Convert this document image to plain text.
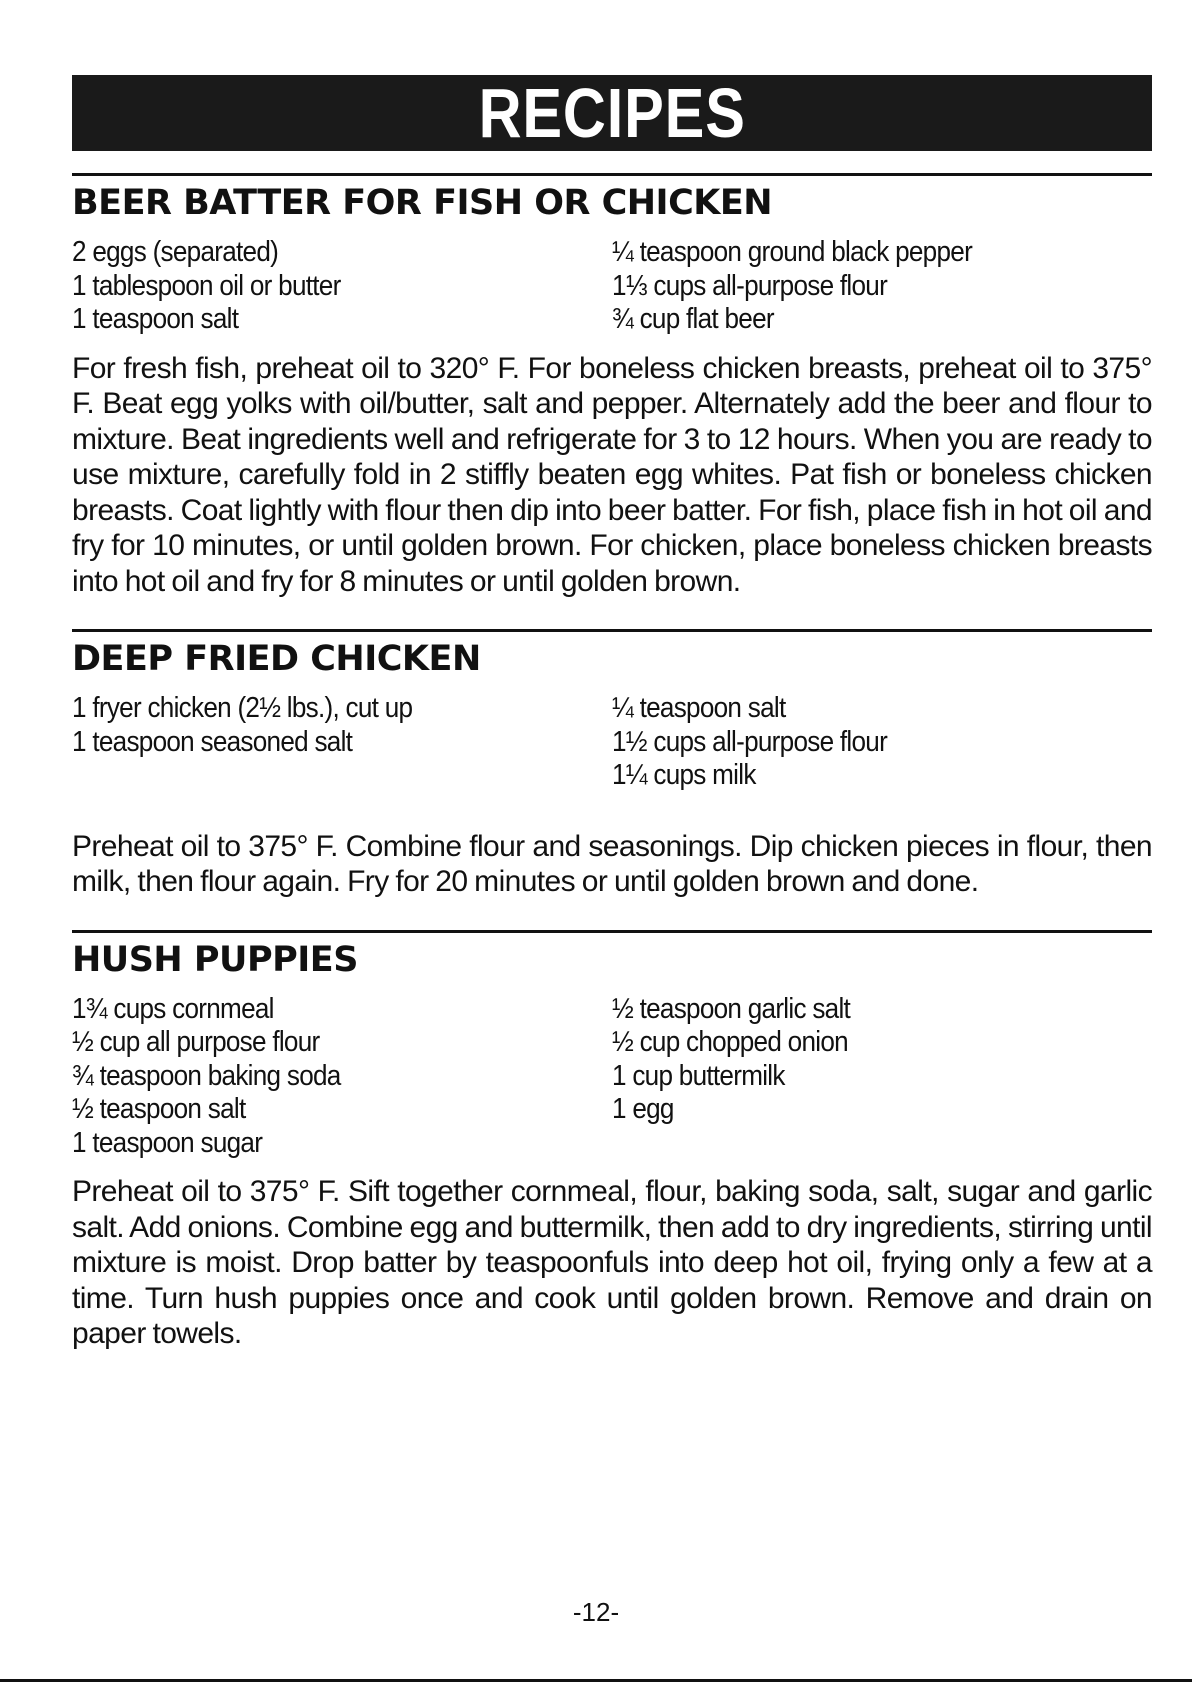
RECIPES
BEER BATTER FOR FISH OR CHICKEN
2 eggs (separated)
1 tablespoon oil or butter
1 teaspoon salt
¼ teaspoon ground black pepper
1⅓ cups all-purpose flour
¾ cup flat beer

For fresh fish, preheat oil to 320° F. For boneless chicken breasts, preheat oil to 375° F. Beat egg yolks with oil/butter, salt and pepper. Alternately add the beer and flour to mixture. Beat ingredients well and refrigerate for 3 to 12 hours. When you are ready to use mixture, carefully fold in 2 stiffly beaten egg whites. Pat fish or boneless chicken breasts. Coat lightly with flour then dip into beer batter. For fish, place fish in hot oil and fry for 10 minutes, or until golden brown. For chicken, place boneless chicken breasts into hot oil and fry for 8 minutes or until golden brown.

DEEP FRIED CHICKEN
1 fryer chicken (2½ lbs.), cut up
1 teaspoon seasoned salt
¼ teaspoon salt
1½ cups all-purpose flour
1¼ cups milk

Preheat oil to 375° F. Combine flour and seasonings. Dip chicken pieces in flour, then milk, then flour again. Fry for 20 minutes or until golden brown and done.

HUSH PUPPIES
1¾ cups cornmeal
½ cup all purpose flour
¾ teaspoon baking soda
½ teaspoon salt
1 teaspoon sugar
½ teaspoon garlic salt
½ cup chopped onion
1 cup buttermilk
1 egg

Preheat oil to 375° F. Sift together cornmeal, flour, baking soda, salt, sugar and garlic salt. Add onions. Combine egg and buttermilk, then add to dry ingredients, stirring until mixture is moist. Drop batter by teaspoonfuls into deep hot oil, frying only a few at a time. Turn hush puppies once and cook until golden brown. Remove and drain on paper towels.

-12-
